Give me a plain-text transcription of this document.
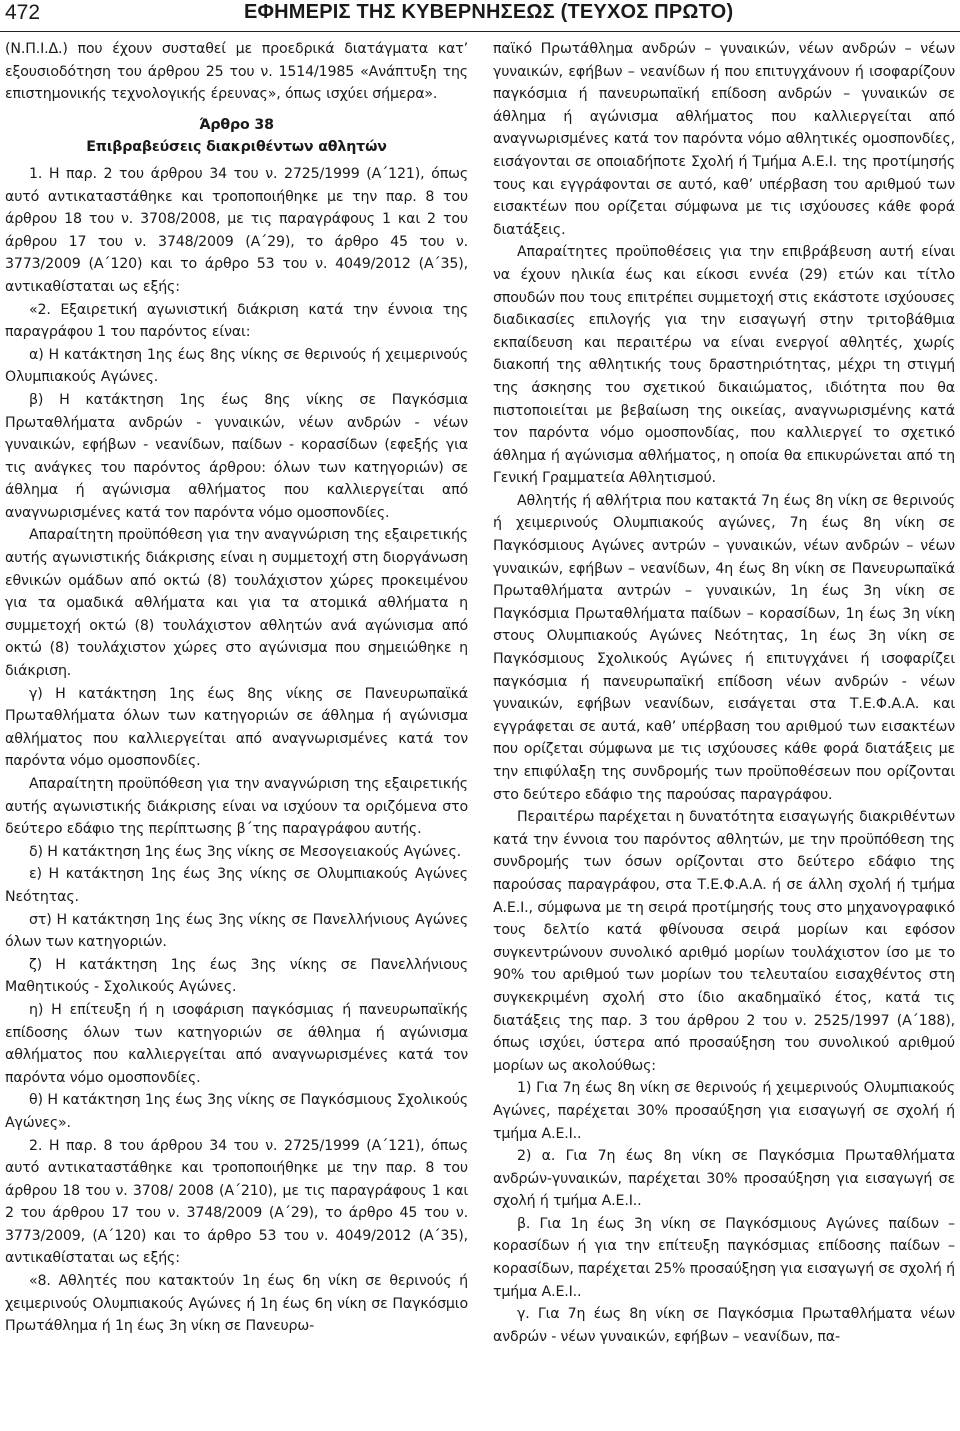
472	ΕΦΗΜΕΡΙΣ ΤΗΣ ΚΥΒΕΡΝΗΣΕΩΣ (ΤΕΥΧΟΣ ΠΡΩΤΟ)

(Ν.Π.Ι.Δ.) που έχουν συσταθεί με προεδρικά διατάγματα κατ’ εξουσιοδότηση του άρθρου 25 του ν. 1514/1985 «Ανάπτυξη της επιστημονικής τεχνολογικής έρευνας», όπως ισχύει σήμερα».

Άρθρο 38
Επιβραβεύσεις διακριθέντων αθλητών

1. Η παρ. 2 του άρθρου 34 του ν. 2725/1999 (Α΄121), όπως αυτό αντικαταστάθηκε και τροποποιήθηκε με την παρ. 8 του άρθρου 18 του ν. 3708/2008, με τις παραγράφους 1 και 2 του άρθρου 17 του ν. 3748/2009 (Α΄29), το άρθρο 45 του ν. 3773/2009 (Α΄120) και το άρθρο 53 του ν. 4049/2012 (Α΄35), αντικαθίσταται ως εξής:

«2. Εξαιρετική αγωνιστική διάκριση κατά την έννοια της παραγράφου 1 του παρόντος είναι:

α) Η κατάκτηση 1ης έως 8ης νίκης σε θερινούς ή χειμερινούς Ολυμπιακούς Αγώνες.

β) Η κατάκτηση 1ης έως 8ης νίκης σε Παγκόσμια Πρωταθλήματα ανδρών - γυναικών, νέων ανδρών - νέων γυναικών, εφήβων - νεανίδων, παίδων - κορασίδων (εφεξής για τις ανάγκες του παρόντος άρθρου: όλων των κατηγοριών) σε άθλημα ή αγώνισμα αθλήματος που καλλιεργείται από αναγνωρισμένες κατά τον παρόντα νόμο ομοσπονδίες.

Απαραίτητη προϋπόθεση για την αναγνώριση της εξαιρετικής αυτής αγωνιστικής διάκρισης είναι η συμμετοχή στη διοργάνωση εθνικών ομάδων από οκτώ (8) τουλάχιστον χώρες προκειμένου για τα ομαδικά αθλήματα και για τα ατομικά αθλήματα η συμμετοχή οκτώ (8) τουλάχιστον αθλητών ανά αγώνισμα από οκτώ (8) τουλάχιστον χώρες στο αγώνισμα που σημειώθηκε η διάκριση.

γ) Η κατάκτηση 1ης έως 8ης νίκης σε Πανευρωπαϊκά Πρωταθλήματα όλων των κατηγοριών σε άθλημα ή αγώνισμα αθλήματος που καλλιεργείται από αναγνωρισμένες κατά τον παρόντα νόμο ομοσπονδίες.

Απαραίτητη προϋπόθεση για την αναγνώριση της εξαιρετικής αυτής αγωνιστικής διάκρισης είναι να ισχύουν τα οριζόμενα στο δεύτερο εδάφιο της περίπτωσης β΄της παραγράφου αυτής.

δ) Η κατάκτηση 1ης έως 3ης νίκης σε Μεσογειακούς Αγώνες.

ε) Η κατάκτηση 1ης έως 3ης νίκης σε Ολυμπιακούς Αγώνες Νεότητας.

στ) Η κατάκτηση 1ης έως 3ης νίκης σε Πανελλήνιους Αγώνες όλων των κατηγοριών.

ζ) Η κατάκτηση 1ης έως 3ης νίκης σε Πανελλήνιους Μαθητικούς - Σχολικούς Αγώνες.

η) Η επίτευξη ή η ισοφάριση παγκόσμιας ή πανευρωπαϊκής επίδοσης όλων των κατηγοριών σε άθλημα ή αγώνισμα αθλήματος που καλλιεργείται από αναγνωρισμένες κατά τον παρόντα νόμο ομοσπονδίες.

θ) Η κατάκτηση 1ης έως 3ης νίκης σε Παγκόσμιους Σχολικούς Αγώνες».

2. Η παρ. 8 του άρθρου 34 του ν. 2725/1999 (Α΄121), όπως αυτό αντικαταστάθηκε και τροποποιήθηκε με την παρ. 8 του άρθρου 18 του ν. 3708/ 2008 (Α΄210), με τις παραγράφους 1 και 2 του άρθρου 17 του ν. 3748/2009 (Α΄29), το άρθρο 45 του ν. 3773/2009, (Α΄120) και το άρθρο 53 του ν. 4049/2012 (Α΄35), αντικαθίσταται ως εξής:

«8. Αθλητές που κατακτούν 1η έως 6η νίκη σε θερινούς ή χειμερινούς Ολυμπιακούς Αγώνες ή 1η έως 6η νίκη σε Παγκόσμιο Πρωτάθλημα ή 1η έως 3η νίκη σε Πανευρω-

παϊκό Πρωτάθλημα ανδρών – γυναικών, νέων ανδρών – νέων γυναικών, εφήβων – νεανίδων ή που επιτυγχάνουν ή ισοφαρίζουν παγκόσμια ή πανευρωπαϊκή επίδοση ανδρών – γυναικών σε άθλημα ή αγώνισμα αθλήματος που καλλιεργείται από αναγνωρισμένες κατά τον παρόντα νόμο αθλητικές ομοσπονδίες, εισάγονται σε οποιαδήποτε Σχολή ή Τμήμα Α.Ε.Ι. της προτίμησής τους και εγγράφονται σε αυτό, καθ’ υπέρβαση του αριθμού των εισακτέων που ορίζεται σύμφωνα με τις ισχύουσες κάθε φορά διατάξεις.

Απαραίτητες προϋποθέσεις για την επιβράβευση αυτή είναι να έχουν ηλικία έως και είκοσι εννέα (29) ετών και τίτλο σπουδών που τους επιτρέπει συμμετοχή στις εκάστοτε ισχύουσες διαδικασίες επιλογής για την εισαγωγή στην τριτοβάθμια εκπαίδευση και περαιτέρω να είναι ενεργοί αθλητές, χωρίς διακοπή της αθλητικής τους δραστηριότητας, μέχρι τη στιγμή της άσκησης του σχετικού δικαιώματος, ιδιότητα που θα πιστοποιείται με βεβαίωση της οικείας, αναγνωρισμένης κατά τον παρόντα νόμο ομοσπονδίας, που καλλιεργεί το σχετικό άθλημα ή αγώνισμα αθλήματος, η οποία θα επικυρώνεται από τη Γενική Γραμματεία Αθλητισμού.

Αθλητής ή αθλήτρια που κατακτά 7η έως 8η νίκη σε θερινούς ή χειμερινούς Ολυμπιακούς αγώνες, 7η έως 8η νίκη σε Παγκόσμιους Αγώνες αντρών – γυναικών, νέων ανδρών – νέων γυναικών, εφήβων – νεανίδων, 4η έως 8η νίκη σε Πανευρωπαϊκά Πρωταθλήματα αντρών – γυναικών, 1η έως 3η νίκη σε Παγκόσμια Πρωταθλήματα παίδων – κορασίδων, 1η έως 3η νίκη στους Ολυμπιακούς Αγώνες Νεότητας, 1η έως 3η νίκη σε Παγκόσμιους Σχολικούς Αγώνες ή επιτυγχάνει ή ισοφαρίζει παγκόσμια ή πανευρωπαϊκή επίδοση νέων ανδρών - νέων γυναικών, εφήβων νεανίδων, εισάγεται στα Τ.Ε.Φ.Α.Α. και εγγράφεται σε αυτά, καθ’ υπέρβαση του αριθμού των εισακτέων που ορίζεται σύμφωνα με τις ισχύουσες κάθε φορά διατάξεις με την επιφύλαξη της συνδρομής των προϋποθέσεων που ορίζονται στο δεύτερο εδάφιο της παρούσας παραγράφου.

Περαιτέρω παρέχεται η δυνατότητα εισαγωγής διακριθέντων κατά την έννοια του παρόντος αθλητών, με την προϋπόθεση της συνδρομής των όσων ορίζονται στο δεύτερο εδάφιο της παρούσας παραγράφου, στα Τ.Ε.Φ.Α.Α. ή σε άλλη σχολή ή τμήμα Α.Ε.Ι., σύμφωνα με τη σειρά προτίμησής τους στο μηχανογραφικό τους δελτίο κατά φθίνουσα σειρά μορίων και εφόσον συγκεντρώνουν συνολικό αριθμό μορίων τουλάχιστον ίσο με το 90% του αριθμού των μορίων του τελευταίου εισαχθέντος στη συγκεκριμένη σχολή στο ίδιο ακαδημαϊκό έτος, κατά τις διατάξεις της παρ. 3 του άρθρου 2 του ν. 2525/1997 (Α΄188), όπως ισχύει, ύστερα από προσαύξηση του συνολικού αριθμού μορίων ως ακολούθως:

1) Για 7η έως 8η νίκη σε θερινούς ή χειμερινούς Ολυμπιακούς Αγώνες, παρέχεται 30% προσαύξηση για εισαγωγή σε σχολή ή τμήμα Α.Ε.Ι..

2) α. Για 7η έως 8η νίκη σε Παγκόσμια Πρωταθλήματα ανδρών-γυναικών, παρέχεται 30% προσαύξηση για εισαγωγή σε σχολή ή τμήμα Α.Ε.Ι..

β. Για 1η έως 3η νίκη σε Παγκόσμιους Αγώνες παίδων – κορασίδων ή για την επίτευξη παγκόσμιας επίδοσης παίδων – κορασίδων, παρέχεται 25% προσαύξηση για εισαγωγή σε σχολή ή τμήμα Α.Ε.Ι..

γ. Για 7η έως 8η νίκη σε Παγκόσμια Πρωταθλήματα νέων ανδρών - νέων γυναικών, εφήβων – νεανίδων, πα-
